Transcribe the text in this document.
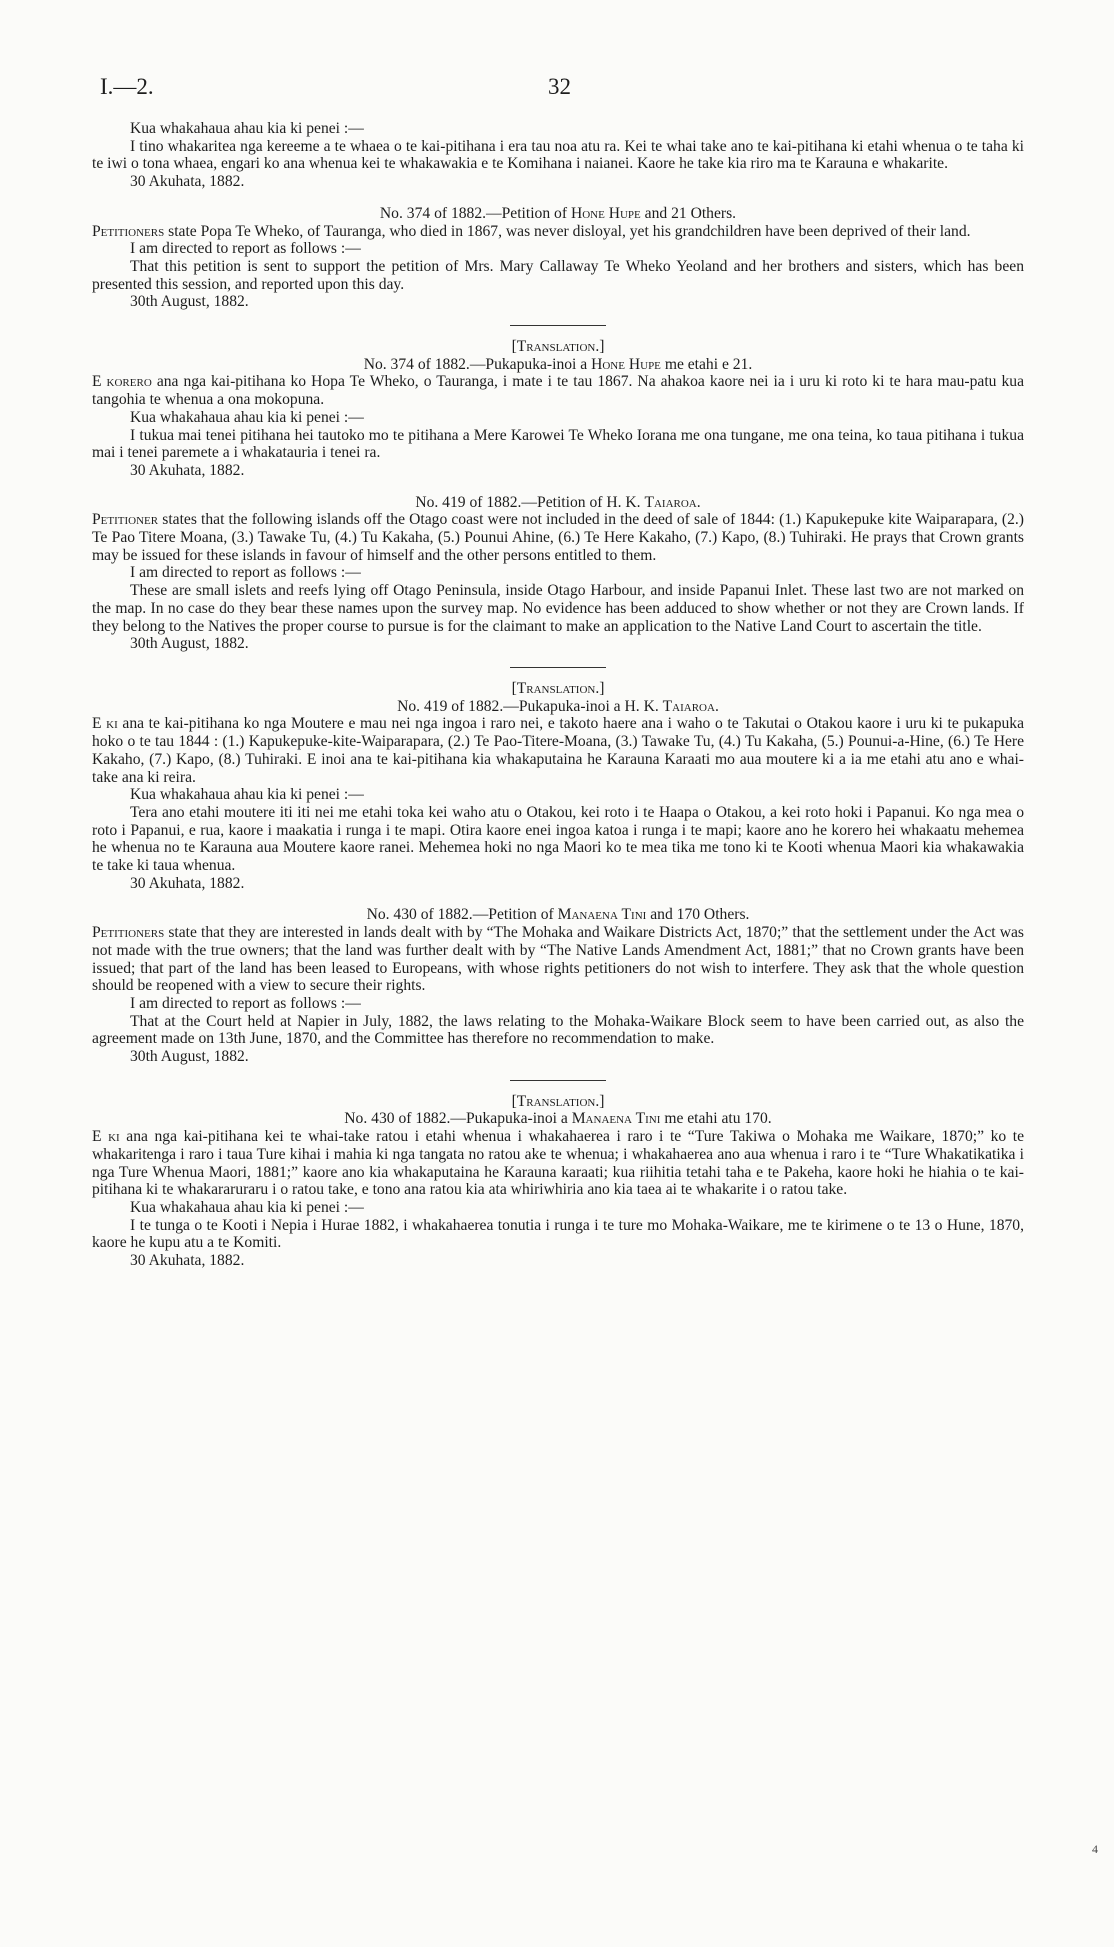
I.—2.	32

Kua whakahaua ahau kia ki penei :—

I tino whakaritea nga kereeme a te whaea o te kai-pitihana i era tau noa atu ra. Kei te whai take ano te kai-pitihana ki etahi whenua o te taha ki te iwi o tona whaea, engari ko ana whenua kei te whakawakia e te Komihana i naianei. Kaore he take kia riro ma te Karauna e whakarite.

30 Akuhata, 1882.

No. 374 of 1882.—Petition of Hone Hupe and 21 Others.

Petitioners state Popa Te Wheko, of Tauranga, who died in 1867, was never disloyal, yet his grandchildren have been deprived of their land.

I am directed to report as follows :—

That this petition is sent to support the petition of Mrs. Mary Callaway Te Wheko Yeoland and her brothers and sisters, which has been presented this session, and reported upon this day.

30th August, 1882.

[Translation.]

No. 374 of 1882.—Pukapuka-inoi a Hone Hupe me etahi e 21.

E korero ana nga kai-pitihana ko Hopa Te Wheko, o Tauranga, i mate i te tau 1867. Na ahakoa kaore nei ia i uru ki roto ki te hara mau-patu kua tangohia te whenua a ona mokopuna.

Kua whakahaua ahau kia ki penei :—

I tukua mai tenei pitihana hei tautoko mo te pitihana a Mere Karowei Te Wheko Iorana me ona tungane, me ona teina, ko taua pitihana i tukua mai i tenei paremete a i whakatauria i tenei ra.

30 Akuhata, 1882.

No. 419 of 1882.—Petition of H. K. Taiaroa.

Petitioner states that the following islands off the Otago coast were not included in the deed of sale of 1844: (1.) Kapukepuke kite Waiparapara, (2.) Te Pao Titere Moana, (3.) Tawake Tu, (4.) Tu Kakaha, (5.) Pounui Ahine, (6.) Te Here Kakaho, (7.) Kapo, (8.) Tuhiraki. He prays that Crown grants may be issued for these islands in favour of himself and the other persons entitled to them.

I am directed to report as follows :—

These are small islets and reefs lying off Otago Peninsula, inside Otago Harbour, and inside Papanui Inlet. These last two are not marked on the map. In no case do they bear these names upon the survey map. No evidence has been adduced to show whether or not they are Crown lands. If they belong to the Natives the proper course to pursue is for the claimant to make an application to the Native Land Court to ascertain the title.

30th August, 1882.

[Translation.]

No. 419 of 1882.—Pukapuka-inoi a H. K. Taiaroa.

E ki ana te kai-pitihana ko nga Moutere e mau nei nga ingoa i raro nei, e takoto haere ana i waho o te Takutai o Otakou kaore i uru ki te pukapuka hoko o te tau 1844 : (1.) Kapukepuke-kite-Waiparapara, (2.) Te Pao-Titere-Moana, (3.) Tawake Tu, (4.) Tu Kakaha, (5.) Pounui-a-Hine, (6.) Te Here Kakaho, (7.) Kapo, (8.) Tuhiraki. E inoi ana te kai-pitihana kia whakaputaina he Karauna Karaati mo aua moutere ki a ia me etahi atu ano e whai-take ana ki reira.

Kua whakahaua ahau kia ki penei :—

Tera ano etahi moutere iti iti nei me etahi toka kei waho atu o Otakou, kei roto i te Haapa o Otakou, a kei roto hoki i Papanui. Ko nga mea o roto i Papanui, e rua, kaore i maakatia i runga i te mapi. Otira kaore enei ingoa katoa i runga i te mapi; kaore ano he korero hei whakaatu mehemea he whenua no te Karauna aua Moutere kaore ranei. Mehemea hoki no nga Maori ko te mea tika me tono ki te Kooti whenua Maori kia whakawakia te take ki taua whenua.

30 Akuhata, 1882.

No. 430 of 1882.—Petition of Manaena Tini and 170 Others.

Petitioners state that they are interested in lands dealt with by “The Mohaka and Waikare Districts Act, 1870;” that the settlement under the Act was not made with the true owners; that the land was further dealt with by “The Native Lands Amendment Act, 1881;” that no Crown grants have been issued; that part of the land has been leased to Europeans, with whose rights petitioners do not wish to interfere. They ask that the whole question should be reopened with a view to secure their rights.

I am directed to report as follows :—

That at the Court held at Napier in July, 1882, the laws relating to the Mohaka-Waikare Block seem to have been carried out, as also the agreement made on 13th June, 1870, and the Committee has therefore no recommendation to make.

30th August, 1882.

[Translation.]

No. 430 of 1882.—Pukapuka-inoi a Manaena Tini me etahi atu 170.

E ki ana nga kai-pitihana kei te whai-take ratou i etahi whenua i whakahaerea i raro i te “Ture Takiwa o Mohaka me Waikare, 1870;” ko te whakaritenga i raro i taua Ture kihai i mahia ki nga tangata no ratou ake te whenua; i whakahaerea ano aua whenua i raro i te “Ture Whakatikatika i nga Ture Whenua Maori, 1881;” kaore ano kia whakaputaina he Karauna karaati; kua riihitia tetahi taha e te Pakeha, kaore hoki he hiahia o te kai-pitihana ki te whakararuraru i o ratou take, e tono ana ratou kia ata whiriwhiria ano kia taea ai te whakarite i o ratou take.

Kua whakahaua ahau kia ki penei :—

I te tunga o te Kooti i Nepia i Hurae 1882, i whakahaerea tonutia i runga i te ture mo Mohaka-Waikare, me te kirimene o te 13 o Hune, 1870, kaore he kupu atu a te Komiti.

30 Akuhata, 1882.

4
